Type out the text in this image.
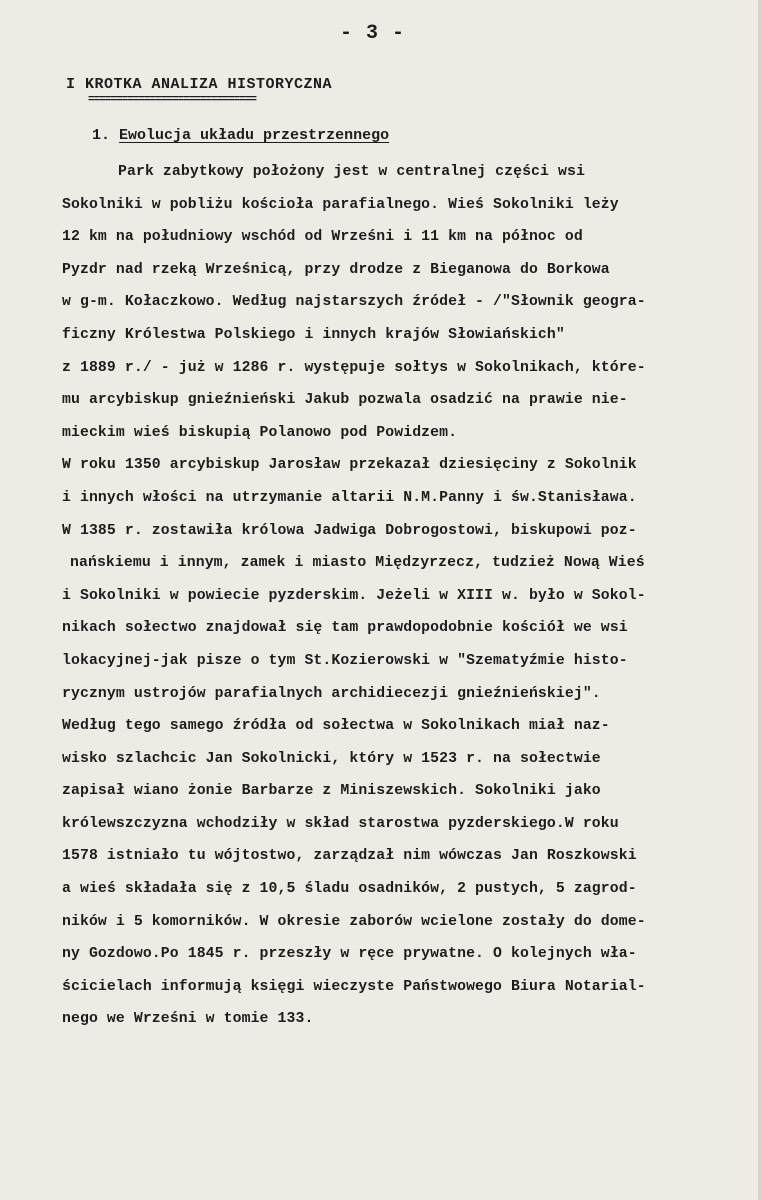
- 3 -
I KROTKA ANALIZA HISTORYCZNA
==============================
1. Ewolucja układu przestrzennego
Park zabytkowy położony jest w centralnej części wsi
Sokolniki w pobliżu kościoła parafialnego. Wieś Sokolniki leży
12 km na południowy wschód od Wrześni i 11 km na północ od
Pyzdr nad rzeką Wrześnicą, przy drodze z Bieganowa do Borkowa
w g-m. Kołaczkowo. Według najstarszych źródeł - /"Słownik geogra-
ficzny Królestwa Polskiego i innych krajów Słowiańskich"
z 1889 r./ - już w 1286 r. występuje sołtys w Sokolnikach, które-
mu arcybiskup gnieźnieński Jakub pozwala osadzić na prawie nie-
mieckim wieś biskupią Polanowo pod Powidzem.
W roku 1350 arcybiskup Jarosław przekazał dziesięciny z Sokolnik
i innych włości na utrzymanie altarii N.M.Panny i św.Stanisława.
W 1385 r. zostawiła królowa Jadwiga Dobrogostowi, biskupowi poz-
nańskiemu i innym, zamek i miasto Międzyrzecz, tudzież Nową Wieś
i Sokolniki w powiecie pyzderskim. Jeżeli w XIII w. było w Sokol-
nikach sołectwo znajdował się tam prawdopodobnie kościół we wsi
lokacyjnej-jak pisze o tym St.Kozierowski w "Szematyźmie histo-
rycznym ustrojów parafialnych archidiecezji gnieźnieńskiej".
Według tego samego źródła od sołectwa w Sokolnikach miał naz-
wisko szlachcic Jan Sokolnicki, który w 1523 r. na sołectwie
zapisał wiano żonie Barbarze z Miniszewskich. Sokolniki jako
królewszczyzna wchodziły w skład starostwa pyzderskiego.W roku
1578 istniało tu wójtostwo, zarządzał nim wówczas Jan Roszkowski
a wieś składała się z 10,5 śladu osadników, 2 pustych, 5 zagrod-
ników i 5 komorników. W okresie zaborów wcielone zostały do dome-
ny Gozdowo.Po 1845 r. przeszły w ręce prywatne. O kolejnych wła-
ścicielach informują księgi wieczyste Państwowego Biura Notarial-
nego we Wrześni w tomie 133.
